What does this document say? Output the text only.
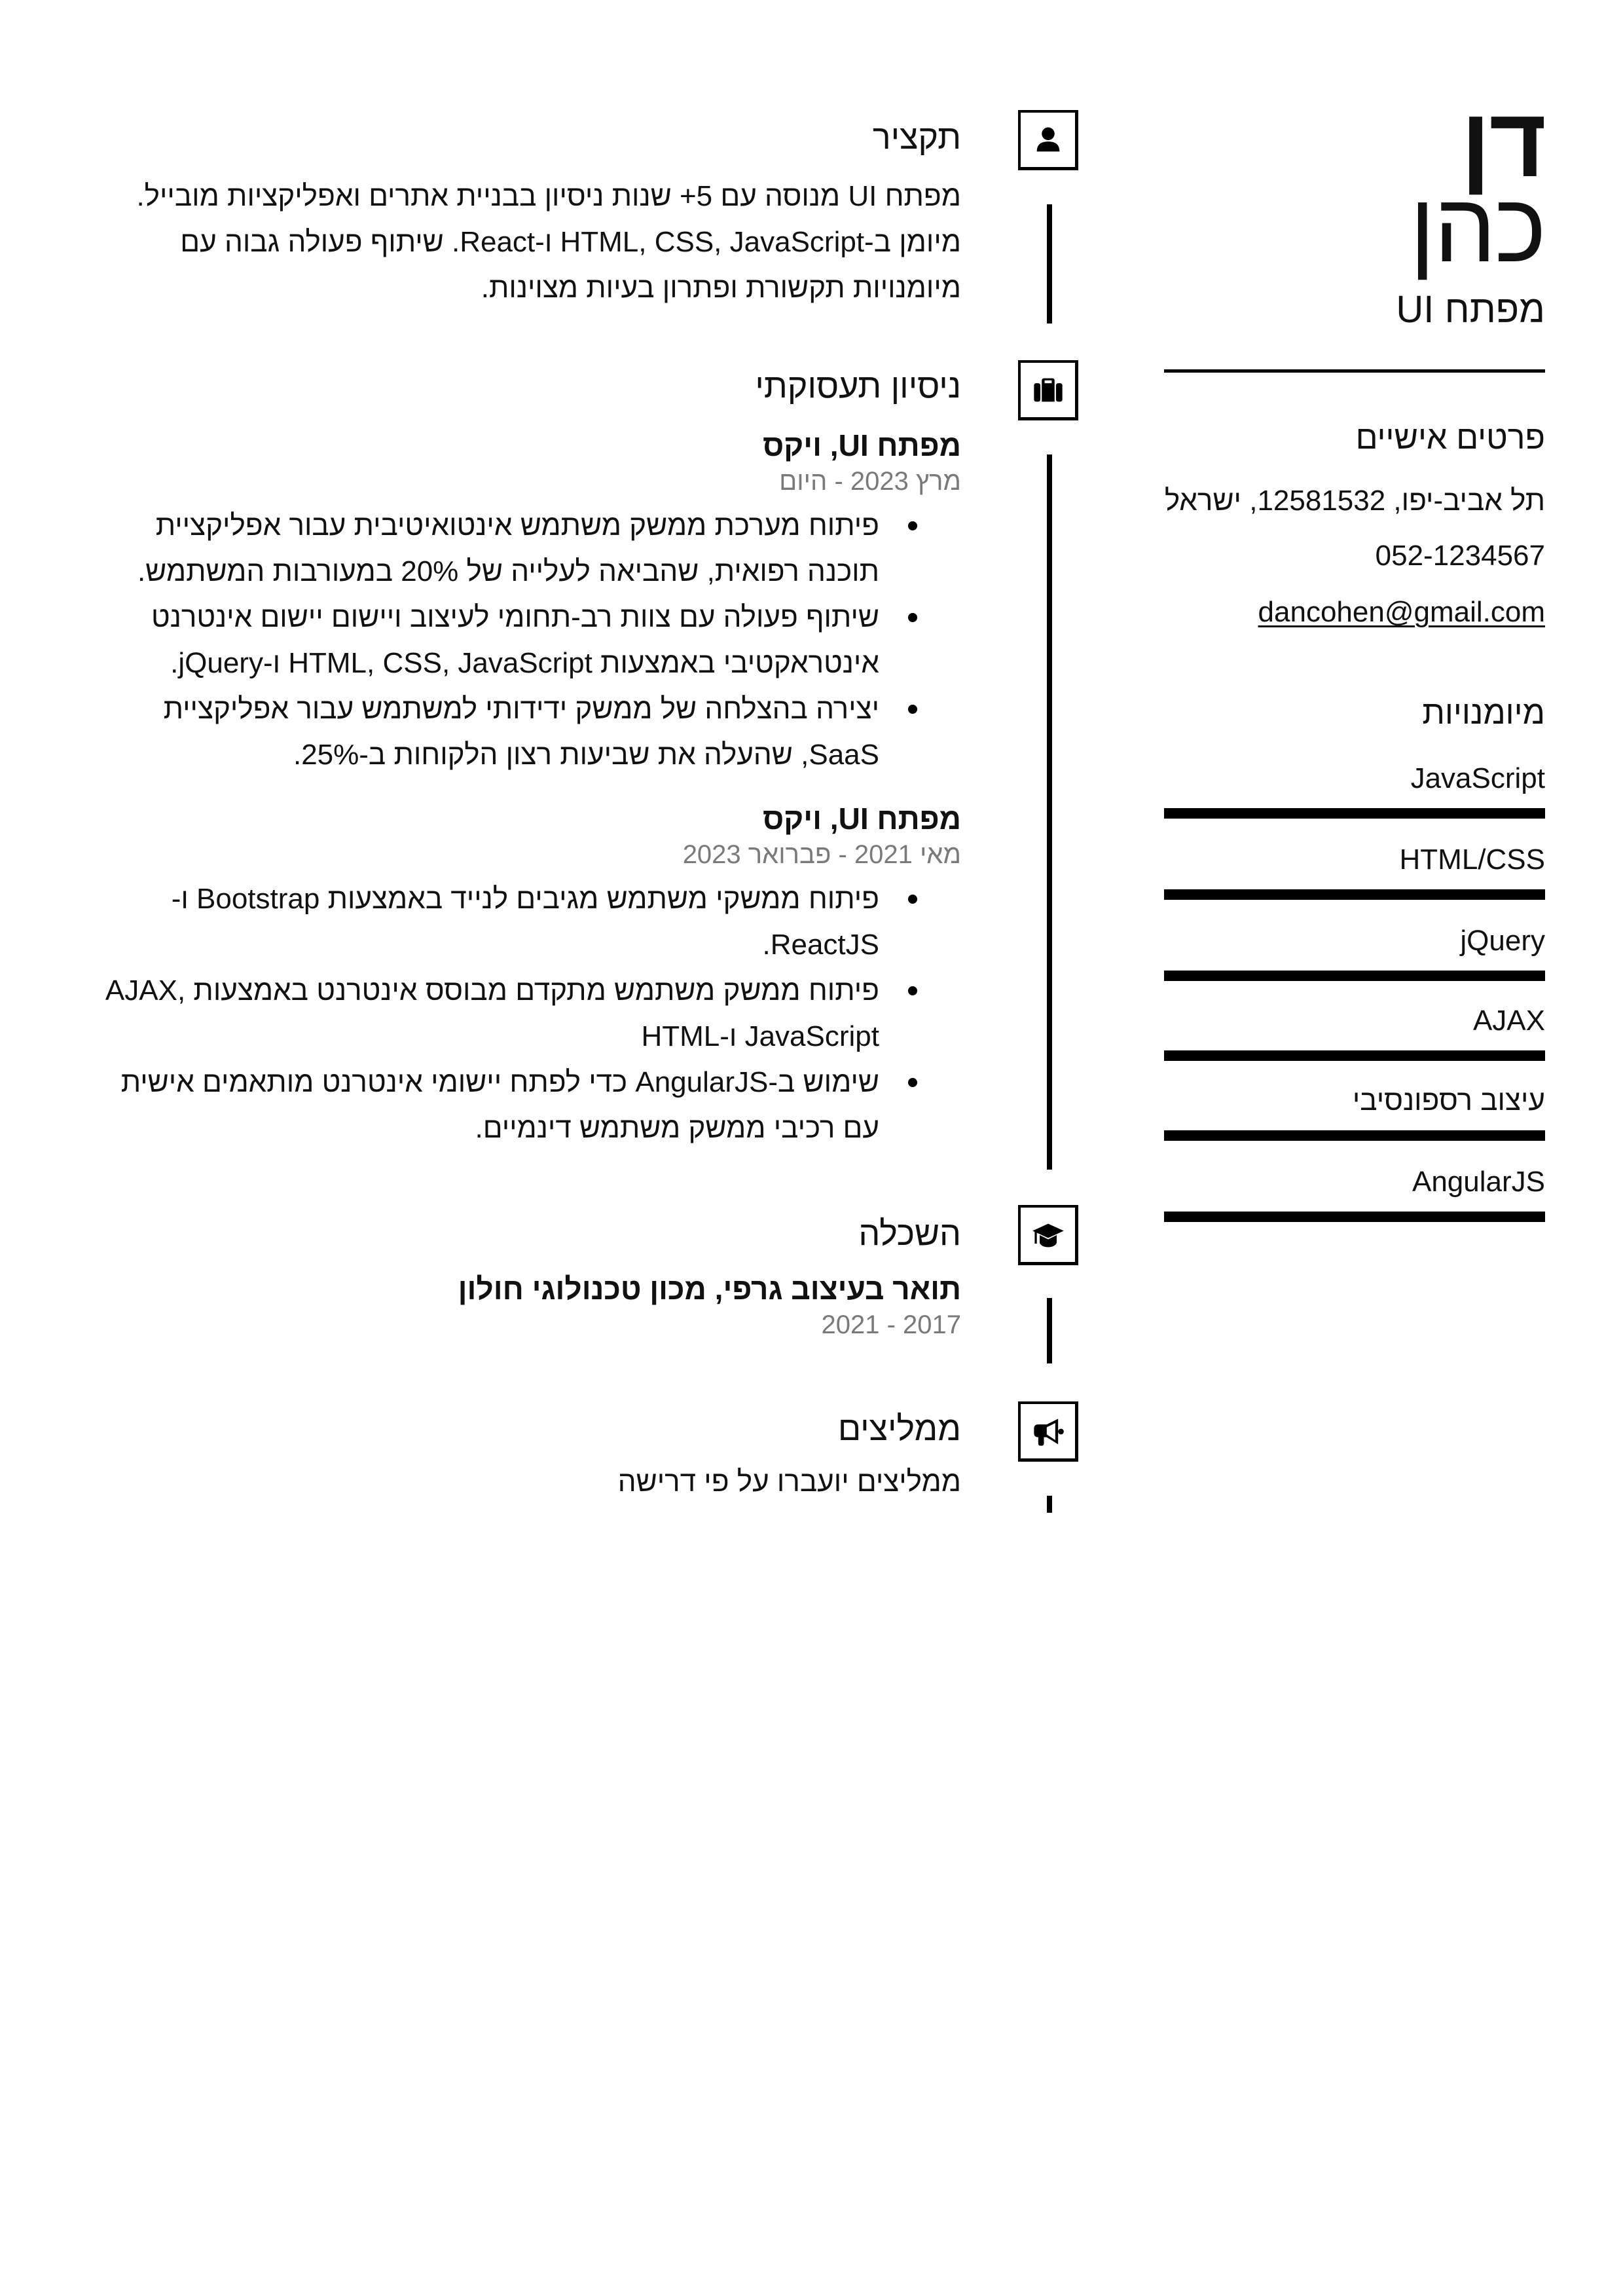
דן
כהן
מפתח UI
פרטים אישיים
תל אביב-יפו, 12581532, ישראל
052-1234567
dancohen@gmail.com
מיומנויות
JavaScript
HTML/CSS
jQuery
AJAX
עיצוב רספונסיבי
AngularJS
תקציר

מפתח UI מנוסה עם 5+ שנות ניסיון בבניית אתרים ואפליקציות מובייל. מיומן ב-HTML, CSS, JavaScript ו-React. שיתוף פעולה גבוה עם מיומנויות תקשורת ופתרון בעיות מצוינות.

ניסיון תעסוקתי
מפתח UI, ויקס
מרץ 2023 - היום
פיתוח מערכת ממשק משתמש אינטואיטיבית עבור אפליקציית תוכנה רפואית, שהביאה לעלייה של 20% במעורבות המשתמש.
שיתוף פעולה עם צוות רב-תחומי לעיצוב ויישום יישום אינטרנט אינטראקטיבי באמצעות HTML, CSS, JavaScript ו-jQuery.
יצירה בהצלחה של ממשק ידידותי למשתמש עבור אפליקציית SaaS, שהעלה את שביעות רצון הלקוחות ב-25%.
מפתח UI, ויקס
מאי 2021 - פברואר 2023
פיתוח ממשקי משתמש מגיבים לנייד באמצעות Bootstrap ו-ReactJS.
פיתוח ממשק משתמש מתקדם מבוסס אינטרנט באמצעות AJAX, JavaScript ו-HTML
שימוש ב-AngularJS כדי לפתח יישומי אינטרנט מותאמים אישית עם רכיבי ממשק משתמש דינמיים.
השכלה
תואר בעיצוב גרפי, מכון טכנולוגי חולון
2017 - 2021
ממליצים

ממליצים יועברו על פי דרישה
